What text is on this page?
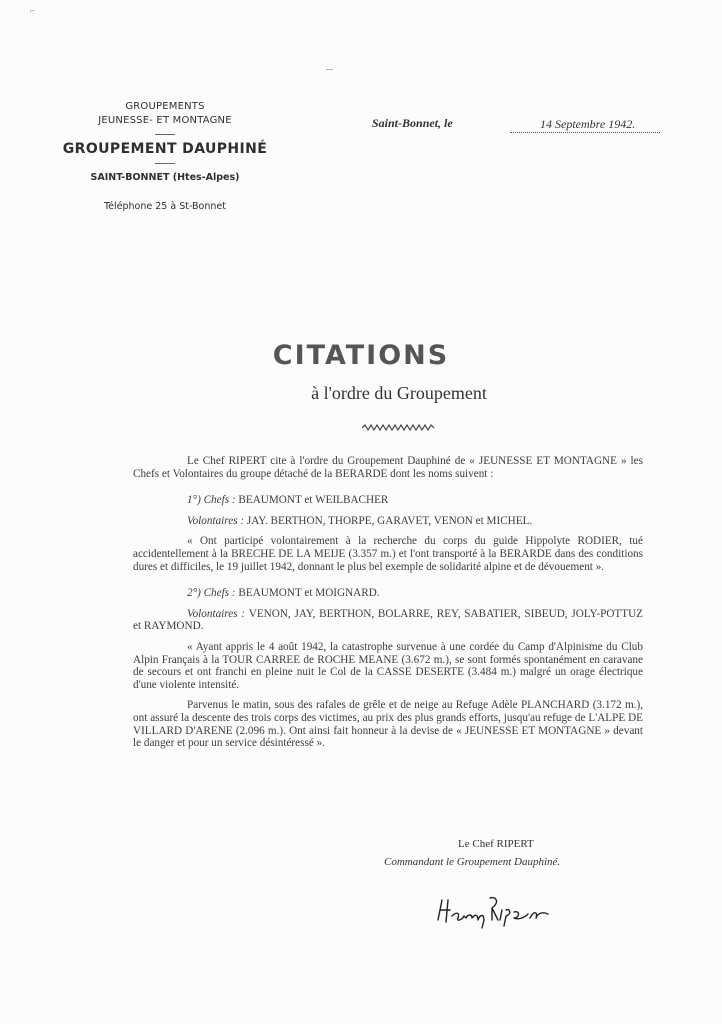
⌐
--
GROUPEMENTS
JEUNESSE- ET MONTAGNE
GROUPEMENT DAUPHINÉ
SAINT-BONNET (Htes-Alpes)
Téléphone 25 à St-Bonnet
Saint-Bonnet, le	14 Septembre 1942.
CITATIONS
à l'ordre du Groupement

Le Chef RIPERT cite à l'ordre du Groupement Dauphiné de « JEUNESSE ET MONTAGNE » les Chefs et Volontaires du groupe détaché de la BERARDE dont les noms suivent :

1°) Chefs : BEAUMONT et WEILBACHER

Volontaires : JAY. BERTHON, THORPE, GARAVET, VENON et MICHEL.

« Ont participé volontairement à la recherche du corps du guide Hippolyte RODIER, tué accidentellement à la BRECHE DE LA MEIJE (3.357 m.) et l'ont transporté à la BERARDE dans des conditions dures et difficiles, le 19 juillet 1942, donnant le plus bel exemple de solidarité alpine et de dévouement ».

2°) Chefs : BEAUMONT et MOIGNARD.

Volontaires : VENON, JAY, BERTHON, BOLARRE, REY, SABATIER, SIBEUD, JOLY-POTTUZ et RAYMOND.

« Ayant appris le 4 août 1942, la catastrophe survenue à une cordée du Camp d'Alpinisme du Club Alpin Français à la TOUR CARREE de ROCHE MEANE (3.672 m.), se sont formés spontanément en caravane de secours et ont franchi en pleine nuit le Col de la CASSE DESERTE (3.484 m.) malgré un orage électrique d'une violente intensité.

Parvenus le matin, sous des rafales de grêle et de neige au Refuge Adèle PLANCHARD (3.172 m.), ont assuré la descente des trois corps des victimes, au prix des plus grands efforts, jusqu'au refuge de L'ALPE DE VILLARD D'ARENE (2.096 m.). Ont ainsi fait honneur à la devise de « JEUNESSE ET MONTAGNE » devant le danger et pour un service désintéressé ».

Le Chef RIPERT
Commandant le Groupement Dauphiné.
